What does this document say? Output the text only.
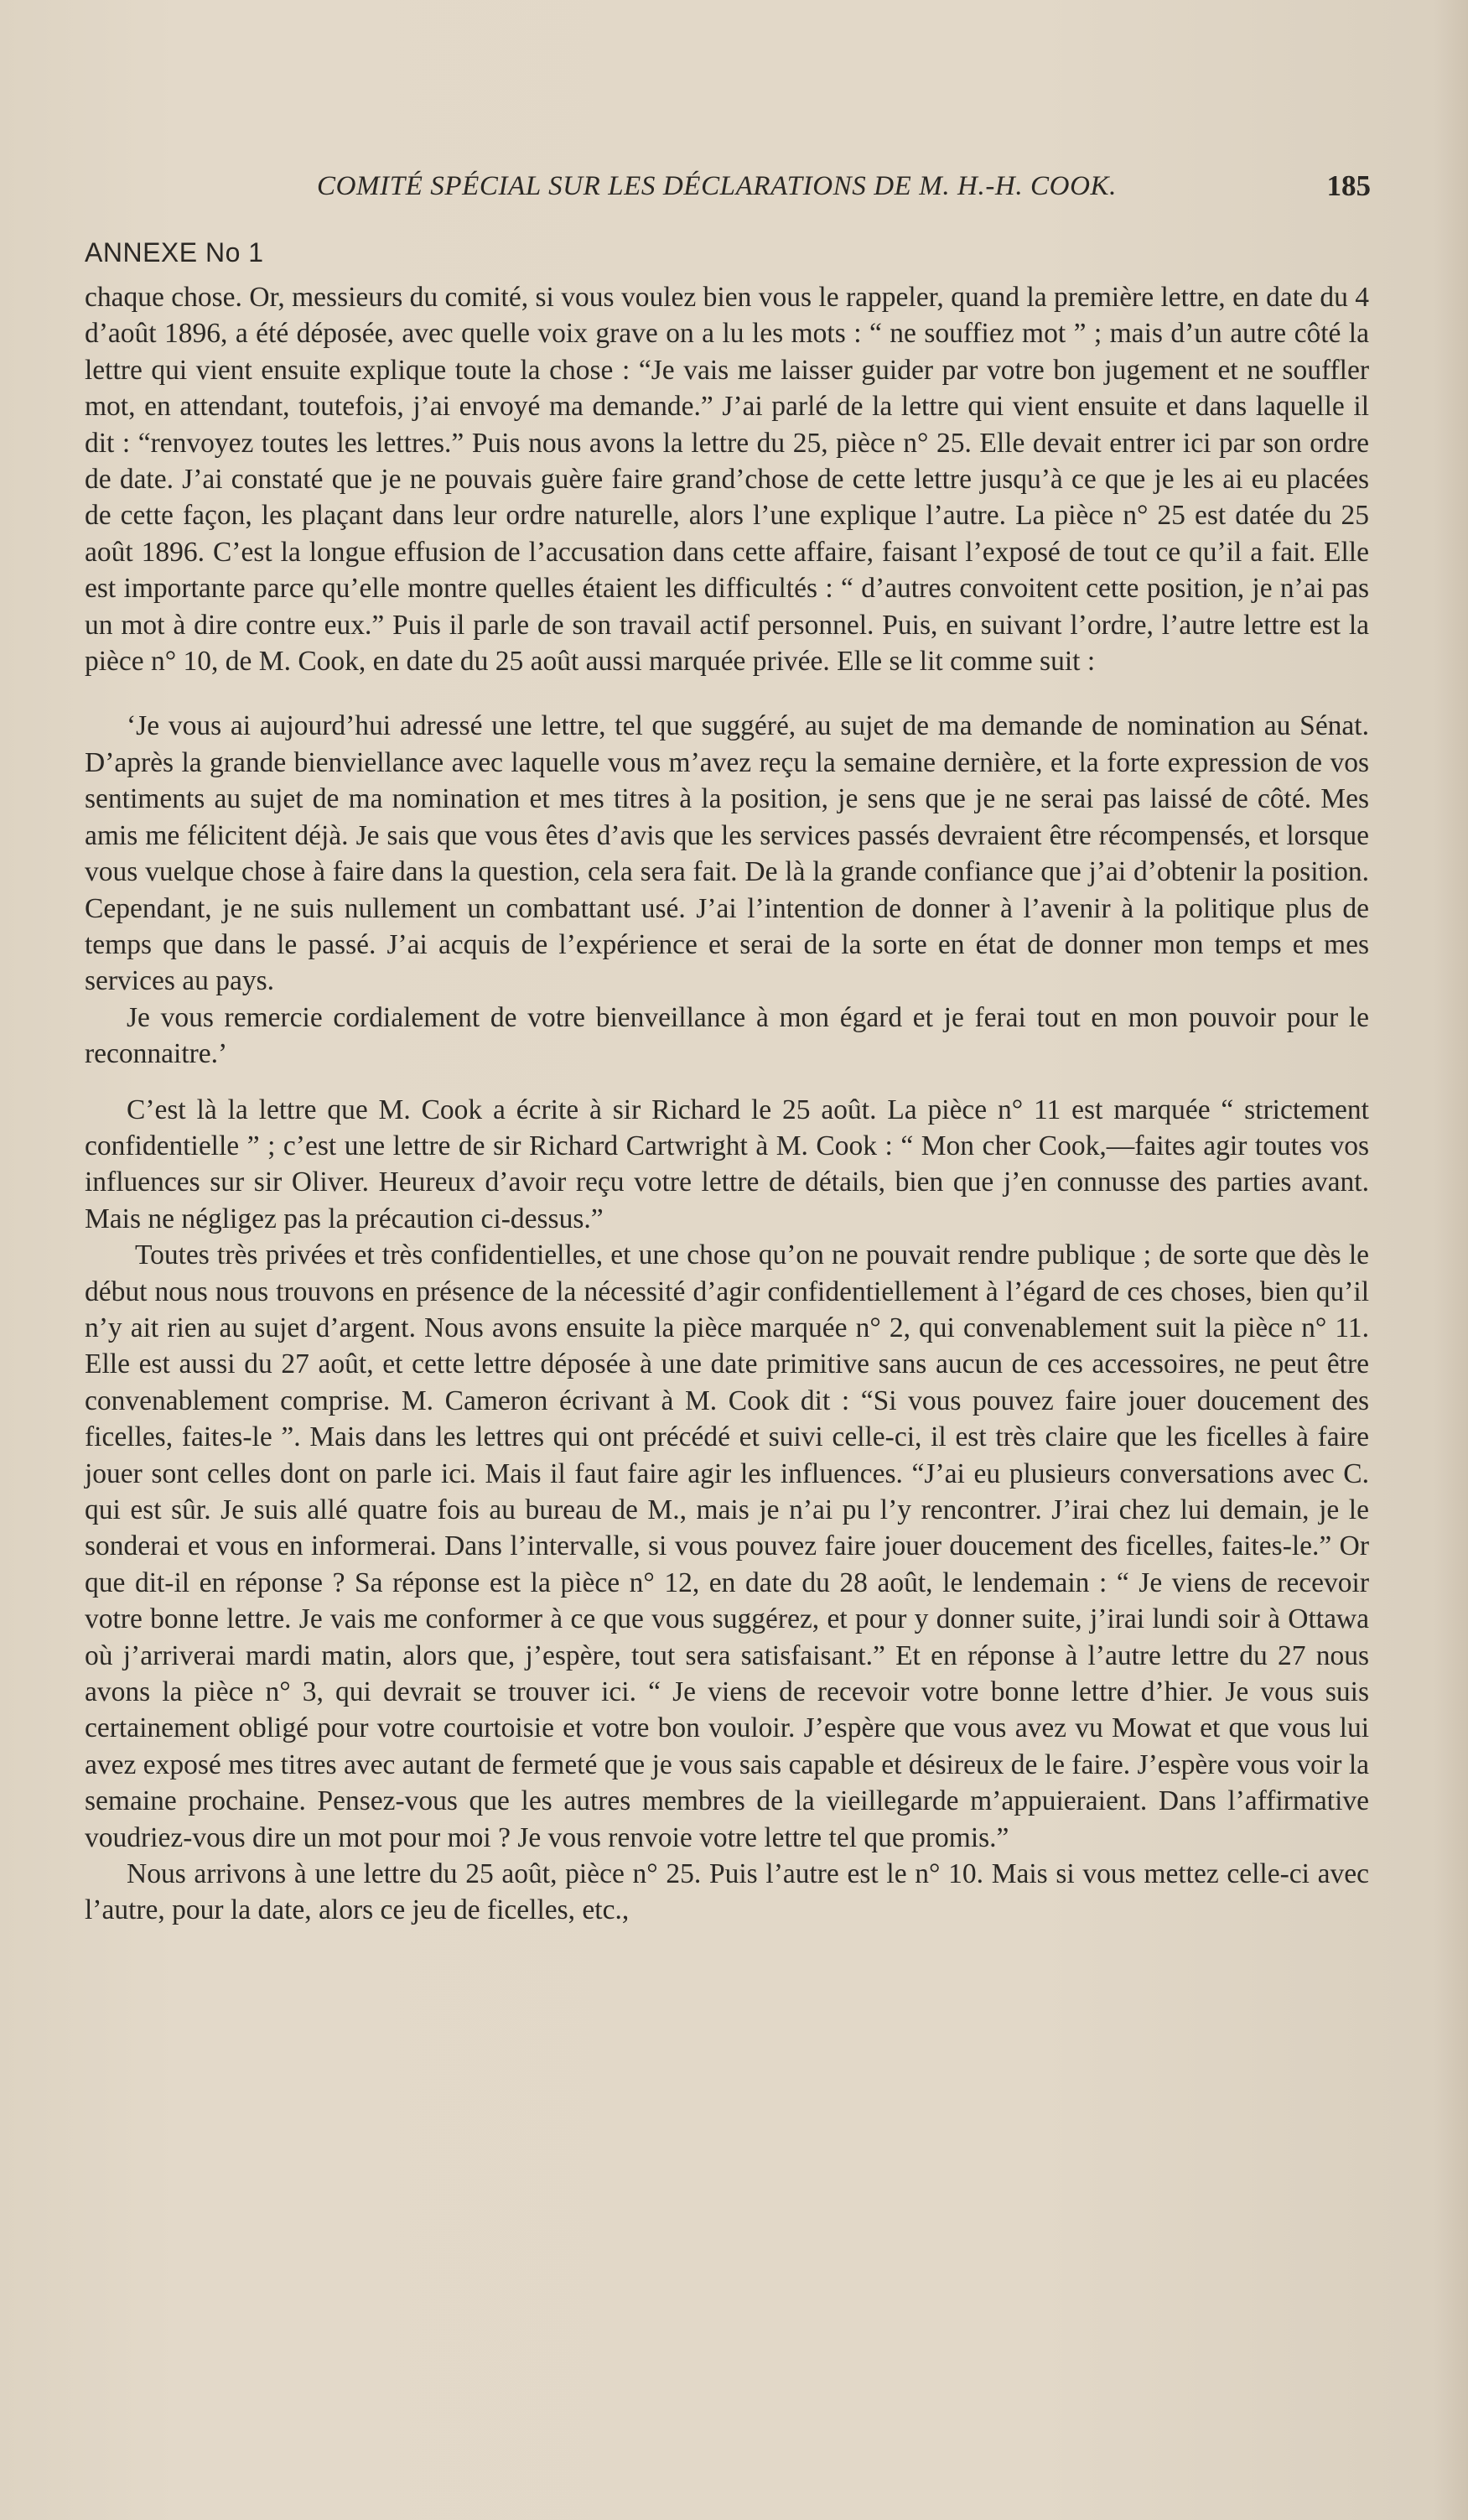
COMITÉ SPÉCIAL SUR LES DÉCLARATIONS DE M. H.-H. COOK.	185
ANNEXE No 1

chaque chose. Or, messieurs du comité, si vous voulez bien vous le rappeler, quand la première lettre, en date du 4 d’août 1896, a été déposée, avec quelle voix grave on a lu les mots : “ ne souffiez mot ” ; mais d’un autre côté la lettre qui vient ensuite explique toute la chose : “Je vais me laisser guider par votre bon jugement et ne souffler mot, en attendant, toutefois, j’ai envoyé ma demande.” J’ai parlé de la lettre qui vient ensuite et dans laquelle il dit : “renvoyez toutes les lettres.” Puis nous avons la lettre du 25, pièce n° 25. Elle devait entrer ici par son ordre de date. J’ai constaté que je ne pouvais guère faire grand’chose de cette lettre jusqu’à ce que je les ai eu placées de cette façon, les plaçant dans leur ordre naturelle, alors l’une explique l’autre. La pièce n° 25 est datée du 25 août 1896. C’est la longue effusion de l’accusation dans cette affaire, faisant l’exposé de tout ce qu’il a fait. Elle est importante parce qu’elle montre quelles étaient les difficultés : “ d’autres convoitent cette position, je n’ai pas un mot à dire contre eux.” Puis il parle de son travail actif personnel. Puis, en suivant l’ordre, l’autre lettre est la pièce n° 10, de M. Cook, en date du 25 août aussi marquée privée. Elle se lit comme suit :

‘Je vous ai aujourd’hui adressé une lettre, tel que suggéré, au sujet de ma demande de nomination au Sénat. D’après la grande bienviellance avec laquelle vous m’avez reçu la semaine dernière, et la forte expression de vos sentiments au sujet de ma nomination et mes titres à la position, je sens que je ne serai pas laissé de côté. Mes amis me félicitent déjà. Je sais que vous êtes d’avis que les services passés devraient être récompensés, et lorsque vous vuelque chose à faire dans la question, cela sera fait. De là la grande confiance que j’ai d’obtenir la position. Cependant, je ne suis nullement un combattant usé. J’ai l’intention de donner à l’avenir à la politique plus de temps que dans le passé. J’ai acquis de l’expérience et serai de la sorte en état de donner mon temps et mes services au pays.

Je vous remercie cordialement de votre bienveillance à mon égard et je ferai tout en mon pouvoir pour le reconnaitre.’

C’est là la lettre que M. Cook a écrite à sir Richard le 25 août. La pièce n° 11 est marquée “ strictement confidentielle ” ; c’est une lettre de sir Richard Cartwright à M. Cook : “ Mon cher Cook,—faites agir toutes vos influences sur sir Oliver. Heureux d’avoir reçu votre lettre de détails, bien que j’en connusse des parties avant. Mais ne négligez pas la précaution ci-dessus.”

Toutes très privées et très confidentielles, et une chose qu’on ne pouvait rendre publique ; de sorte que dès le début nous nous trouvons en présence de la nécessité d’agir confidentiellement à l’égard de ces choses, bien qu’il n’y ait rien au sujet d’argent. Nous avons ensuite la pièce marquée n° 2, qui convenablement suit la pièce n° 11. Elle est aussi du 27 août, et cette lettre déposée à une date primitive sans aucun de ces accessoires, ne peut être convenablement comprise. M. Cameron écrivant à M. Cook dit : “Si vous pouvez faire jouer doucement des ficelles, faites-le ”. Mais dans les lettres qui ont précédé et suivi celle-ci, il est très claire que les ficelles à faire jouer sont celles dont on parle ici. Mais il faut faire agir les influences. “J’ai eu plusieurs conversations avec C. qui est sûr. Je suis allé quatre fois au bureau de M., mais je n’ai pu l’y rencontrer. J’irai chez lui demain, je le sonderai et vous en informerai. Dans l’intervalle, si vous pouvez faire jouer doucement des ficelles, faites-le.” Or que dit-il en réponse ? Sa réponse est la pièce n° 12, en date du 28 août, le lendemain : “ Je viens de recevoir votre bonne lettre. Je vais me conformer à ce que vous suggérez, et pour y donner suite, j’irai lundi soir à Ottawa où j’arriverai mardi matin, alors que, j’espère, tout sera satisfaisant.” Et en réponse à l’autre lettre du 27 nous avons la pièce n° 3, qui devrait se trouver ici. “ Je viens de recevoir votre bonne lettre d’hier. Je vous suis certainement obligé pour votre courtoisie et votre bon vouloir. J’espère que vous avez vu Mowat et que vous lui avez exposé mes titres avec autant de fermeté que je vous sais capable et désireux de le faire. J’espère vous voir la semaine prochaine. Pensez-vous que les autres membres de la vieillegarde m’appuieraient. Dans l’affirmative voudriez-vous dire un mot pour moi ? Je vous renvoie votre lettre tel que promis.”

Nous arrivons à une lettre du 25 août, pièce n° 25. Puis l’autre est le n° 10. Mais si vous mettez celle-ci avec l’autre, pour la date, alors ce jeu de ficelles, etc.,
